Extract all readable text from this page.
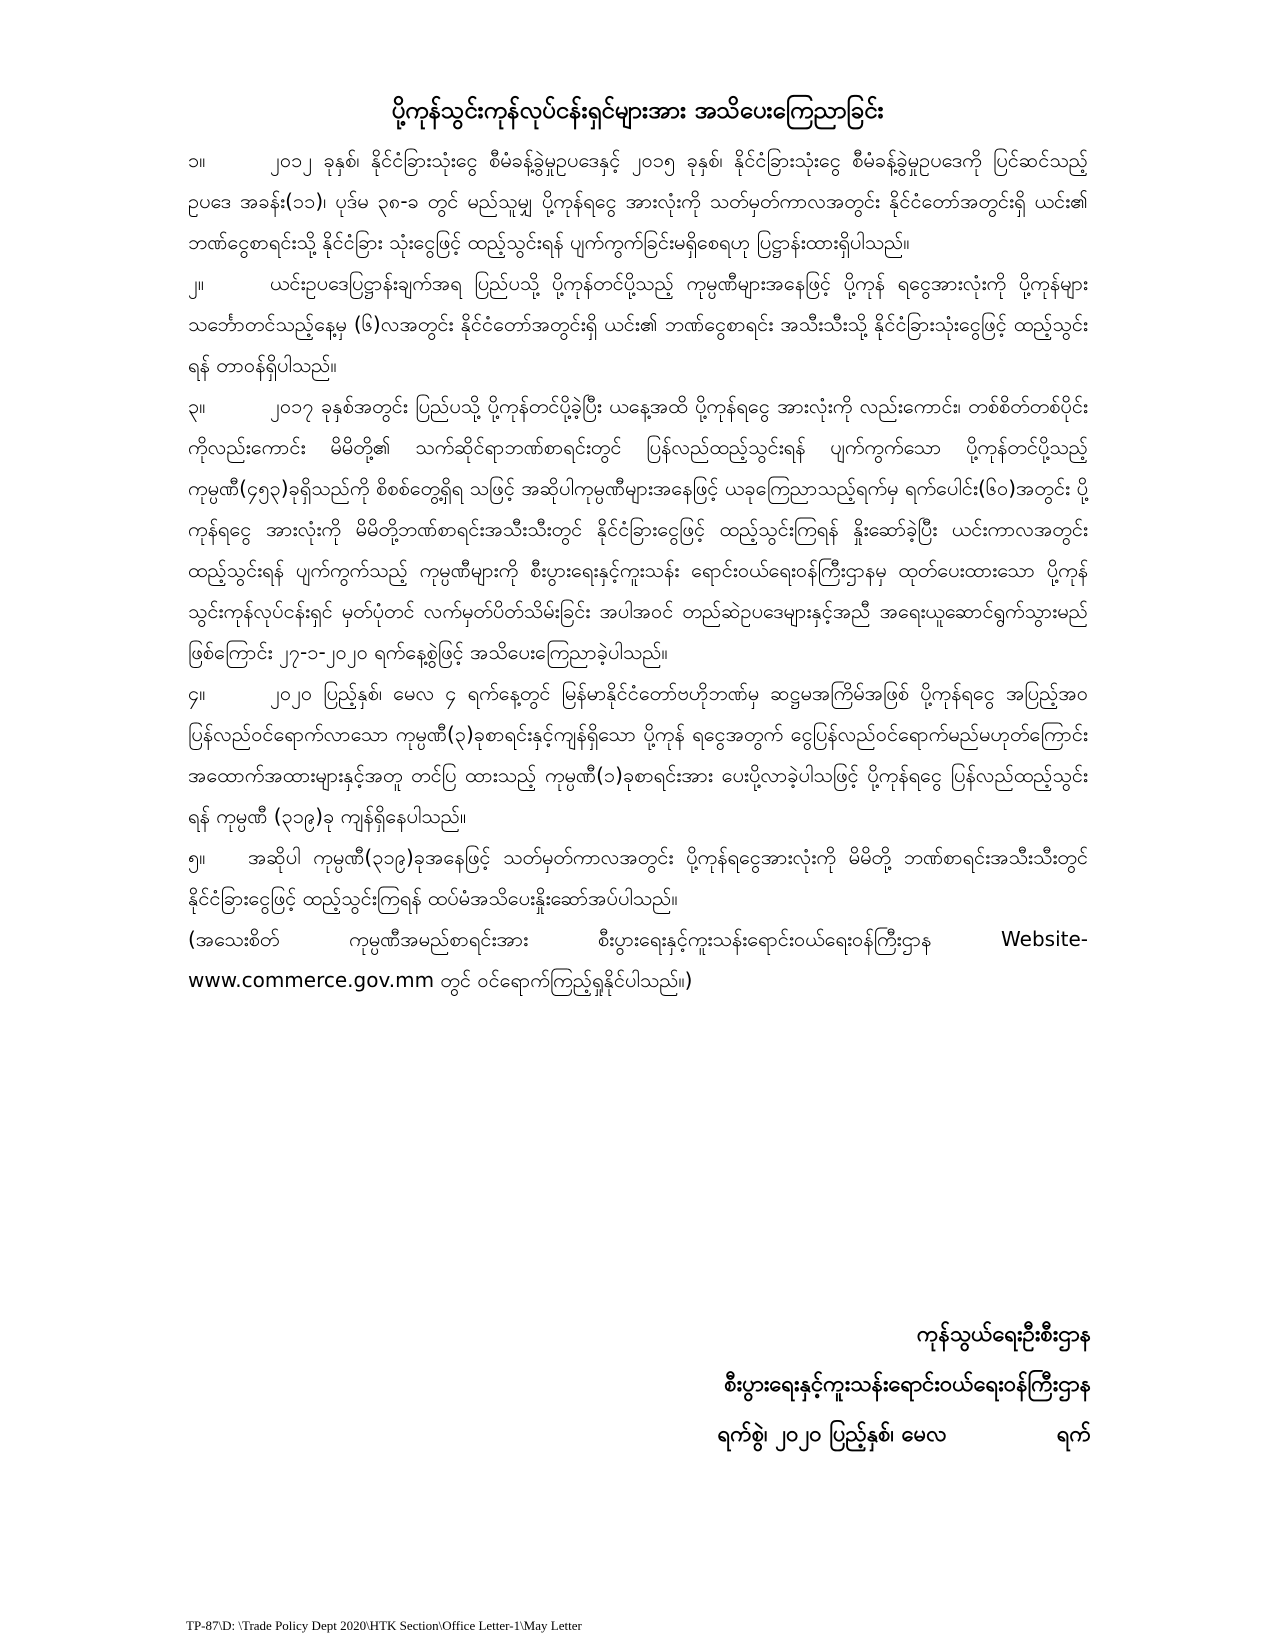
ပို့ကုန်သွင်းကုန်လုပ်ငန်းရှင်များအား အသိပေးကြေညာခြင်း

၁။	၂၀၁၂ ခုနှစ်၊ နိုင်ငံခြားသုံးငွေ စီမံခန့်ခွဲမှုဥပဒေနှင့် ၂၀၁၅ ခုနှစ်၊ နိုင်ငံခြားသုံးငွေ စီမံခန့်ခွဲမှုဥပဒေကို ပြင်ဆင်သည့် ဥပဒေ အခန်း(၁၁)၊ ပုဒ်မ ၃၈-ခ တွင် မည်သူမျှ ပို့ကုန်ရငွေ အားလုံးကို သတ်မှတ်ကာလအတွင်း နိုင်ငံတော်အတွင်းရှိ ယင်း၏ ဘဏ်ငွေစာရင်းသို့ နိုင်ငံခြား သုံးငွေဖြင့် ထည့်သွင်းရန် ပျက်ကွက်ခြင်းမရှိစေရဟု ပြဋ္ဌာန်းထားရှိပါသည်။

၂။	ယင်းဥပဒေပြဋ္ဌာန်းချက်အရ ပြည်ပသို့ ပို့ကုန်တင်ပို့သည့် ကုမ္ပဏီများအနေဖြင့် ပို့ကုန် ရငွေအားလုံးကို ပို့ကုန်များ သင်္ဘောတင်သည့်နေ့မှ (၆)လအတွင်း နိုင်ငံတော်အတွင်းရှိ ယင်း၏ ဘဏ်ငွေစာရင်း အသီးသီးသို့ နိုင်ငံခြားသုံးငွေဖြင့် ထည့်သွင်းရန် တာဝန်ရှိပါသည်။

၃။	၂၀၁၇ ခုနှစ်အတွင်း ပြည်ပသို့ ပို့ကုန်တင်ပို့ခဲ့ပြီး ယနေ့အထိ ပို့ကုန်ရငွေ အားလုံးကို လည်းကောင်း၊ တစ်စိတ်တစ်ပိုင်းကိုလည်းကောင်း မိမိတို့၏ သက်ဆိုင်ရာဘဏ်စာရင်းတွင် ပြန်လည်ထည့်သွင်းရန် ပျက်ကွက်သော ပို့ကုန်တင်ပို့သည့် ကုမ္ပဏီ(၄၅၃)ခုရှိသည်ကို စိစစ်တွေ့ရှိရ သဖြင့် အဆိုပါကုမ္ပဏီများအနေဖြင့် ယခုကြေညာသည့်ရက်မှ ရက်ပေါင်း(၆၀)အတွင်း ပို့ကုန်ရငွေ အားလုံးကို မိမိတို့ဘဏ်စာရင်းအသီးသီးတွင် နိုင်ငံခြားငွေဖြင့် ထည့်သွင်းကြရန် နှိုးဆော်ခဲ့ပြီး ယင်းကာလအတွင်း ထည့်သွင်းရန် ပျက်ကွက်သည့် ကုမ္ပဏီများကို စီးပွားရေးနှင့်ကူးသန်း ရောင်းဝယ်ရေးဝန်ကြီးဌာနမှ ထုတ်ပေးထားသော ပို့ကုန်သွင်းကုန်လုပ်ငန်းရှင် မှတ်ပုံတင် လက်မှတ်ပိတ်သိမ်းခြင်း အပါအဝင် တည်ဆဲဥပဒေများနှင့်အညီ အရေးယူဆောင်ရွက်သွားမည် ဖြစ်ကြောင်း ၂၇-၁-၂၀၂၀ ရက်နေ့စွဲဖြင့် အသိပေးကြေညာခဲ့ပါသည်။

၄။	၂၀၂၀ ပြည့်နှစ်၊ မေလ ၄ ရက်နေ့တွင် မြန်မာနိုင်ငံတော်ဗဟိုဘဏ်မှ ဆဋ္ဌမအကြိမ်အဖြစ် ပို့ကုန်ရငွေ အပြည့်အဝပြန်လည်ဝင်ရောက်လာသော ကုမ္ပဏီ(၃)ခုစာရင်းနှင့်ကျန်ရှိသော ပို့ကုန် ရငွေအတွက် ငွေပြန်လည်ဝင်ရောက်မည်မဟုတ်ကြောင်း အထောက်အထားများနှင့်အတူ တင်ပြ ထားသည့် ကုမ္ပဏီ(၁)ခုစာရင်းအား ပေးပို့လာခဲ့ပါသဖြင့် ပို့ကုန်ရငွေ ပြန်လည်ထည့်သွင်းရန် ကုမ္ပဏီ (၃၁၉)ခု ကျန်ရှိနေပါသည်။

၅။ အဆိုပါ ကုမ္ပဏီ(၃၁၉)ခုအနေဖြင့် သတ်မှတ်ကာလအတွင်း ပို့ကုန်ရငွေအားလုံးကို မိမိတို့ ဘဏ်စာရင်းအသီးသီးတွင် နိုင်ငံခြားငွေဖြင့် ထည့်သွင်းကြရန် ထပ်မံအသိပေးနှိုးဆော်အပ်ပါသည်။

(အသေးစိတ် ကုမ္ပဏီအမည်စာရင်းအား စီးပွားရေးနှင့်ကူးသန်းရောင်းဝယ်ရေးဝန်ကြီးဌာန Website- www.commerce.gov.mm တွင် ဝင်ရောက်ကြည့်ရှုနိုင်ပါသည်။)

ကုန်သွယ်ရေးဦးစီးဌာန
စီးပွားရေးနှင့်ကူးသန်းရောင်းဝယ်ရေးဝန်ကြီးဌာန
ရက်စွဲ၊ ၂၀၂၀ ပြည့်နှစ်၊ မေလ	ရက်
TP-87\D: \Trade Policy Dept 2020\HTK Section\Office Letter-1\May Letter
